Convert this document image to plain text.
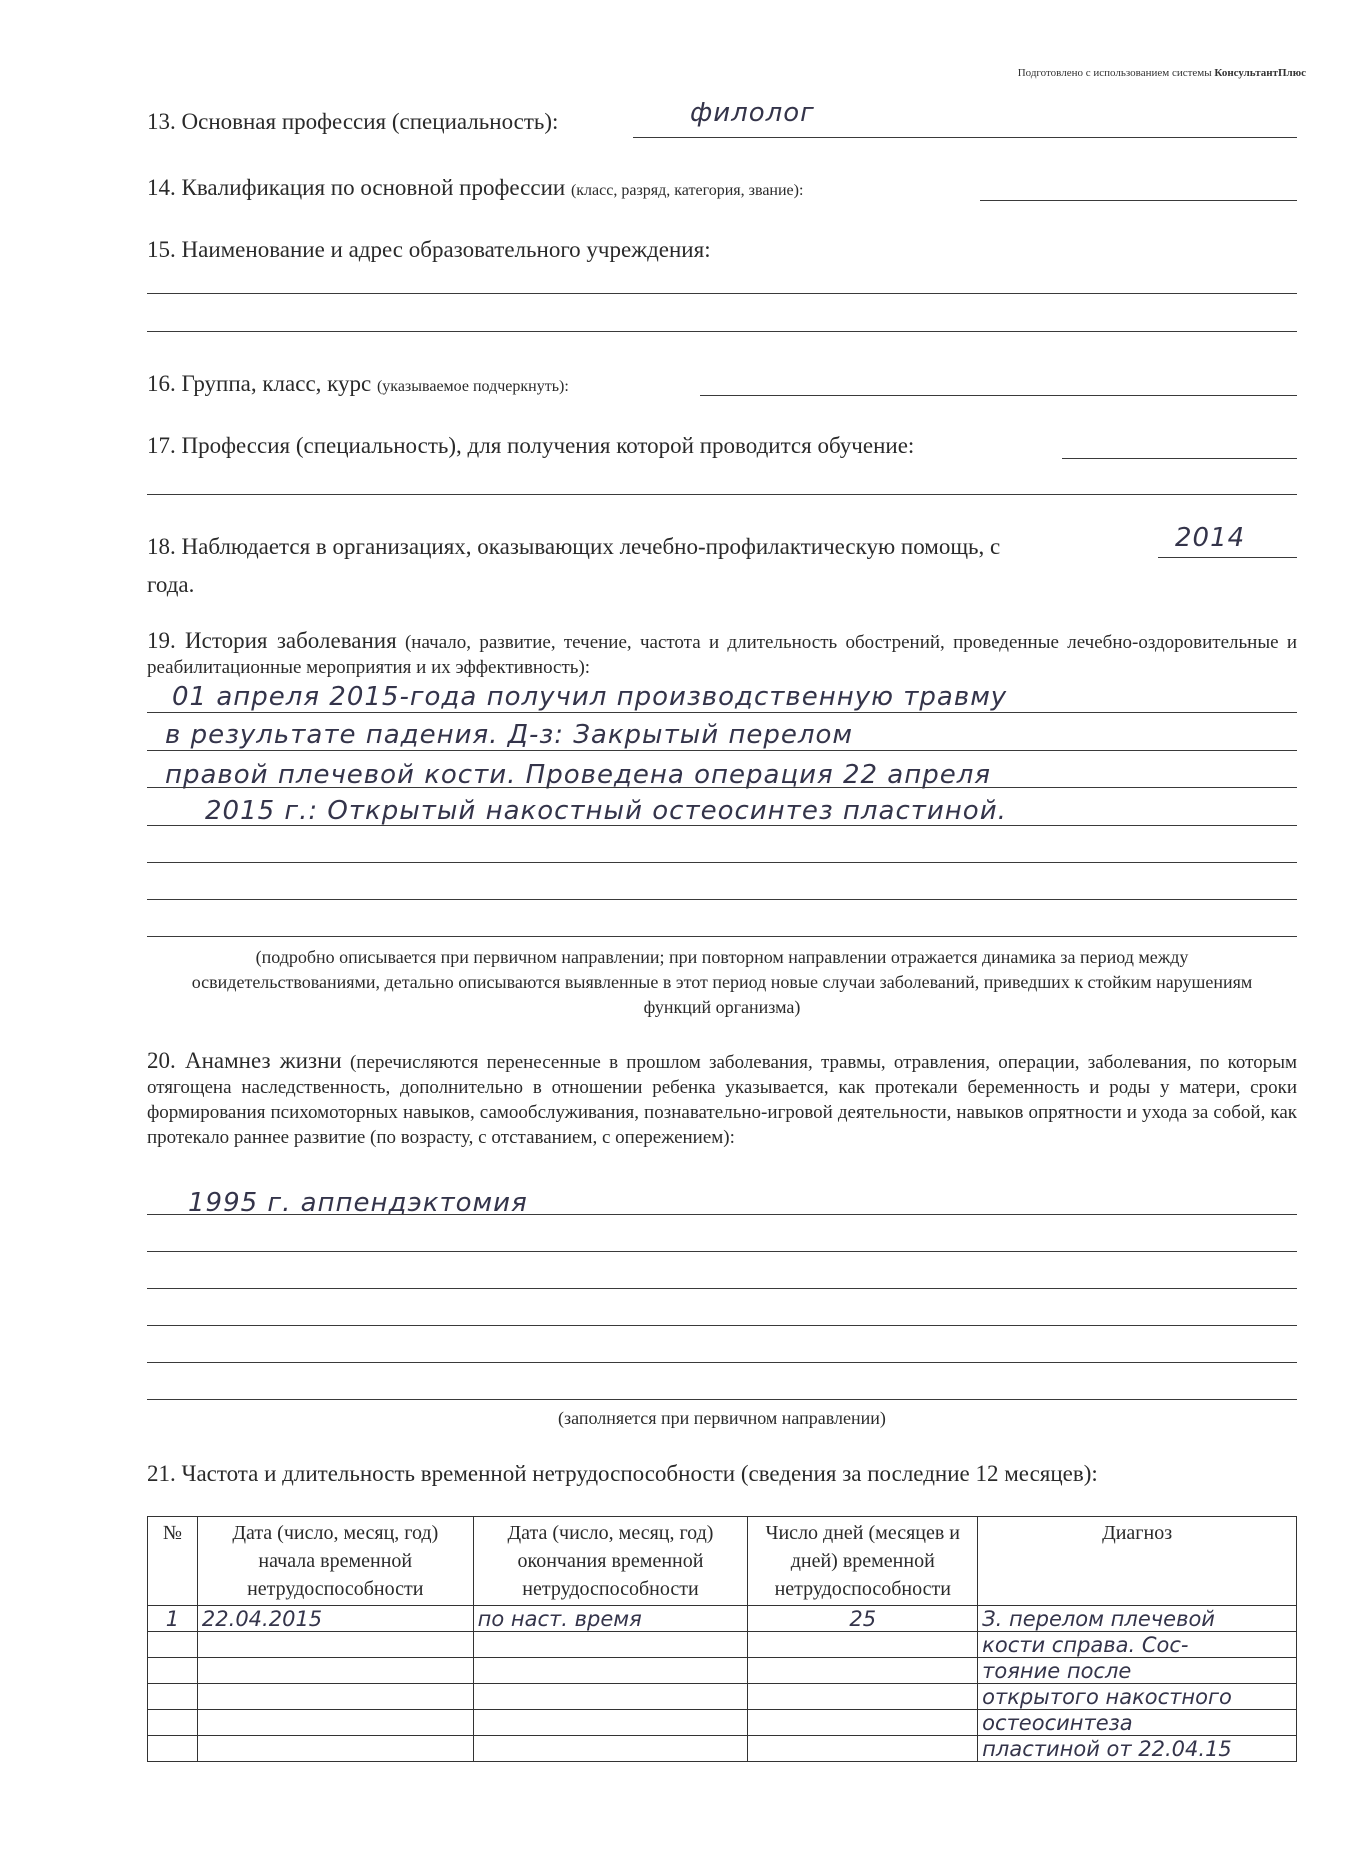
Подготовлено с использованием системы КонсультантПлюс
13. Основная профессия (специальность):	филолог
14. Квалификация по основной профессии (класс, разряд, категория, звание):
15. Наименование и адрес образовательного учреждения:
16. Группа, класс, курс (указываемое подчеркнуть):
17. Профессия (специальность), для получения которой проводится обучение:
18. Наблюдается в организациях, оказывающих лечебно-профилактическую помощь, с	2014
года.
19. История заболевания (начало, развитие, течение, частота и длительность обострений, проведенные лечебно-оздоровительные и реабилитационные мероприятия и их эффективность):
01 апреля 2015-года получил производственную травму
в результате падения. Д-з: Закрытый перелом
правой плечевой кости. Проведена операция 22 апреля
2015 г.: Открытый накостный остеосинтез пластиной.
(подробно описывается при первичном направлении; при повторном направлении отражается динамика за период между освидетельствованиями, детально описываются выявленные в этот период новые случаи заболеваний, приведших к стойким нарушениям функций организма)
20. Анамнез жизни (перечисляются перенесенные в прошлом заболевания, травмы, отравления, операции, заболевания, по которым отягощена наследственность, дополнительно в отношении ребенка указывается, как протекали беременность и роды у матери, сроки формирования психомоторных навыков, самообслуживания, познавательно-игровой деятельности, навыков опрятности и ухода за собой, как протекало раннее развитие (по возрасту, с отставанием, с опережением):
1995 г. аппендэктомия
(заполняется при первичном направлении)
21. Частота и длительность временной нетрудоспособности (сведения за последние 12 месяцев):
№	Дата (число, месяц, год) начала временной нетрудоспособности	Дата (число, месяц, год) окончания временной нетрудоспособности	Число дней (месяцев и дней) временной нетрудоспособности	Диагноз
1	22.04.2015	по наст. время	25	З. перелом плечевой
				кости справа. Сос-
				тояние после
				открытого накостного
				остеосинтеза
				пластиной от 22.04.15
